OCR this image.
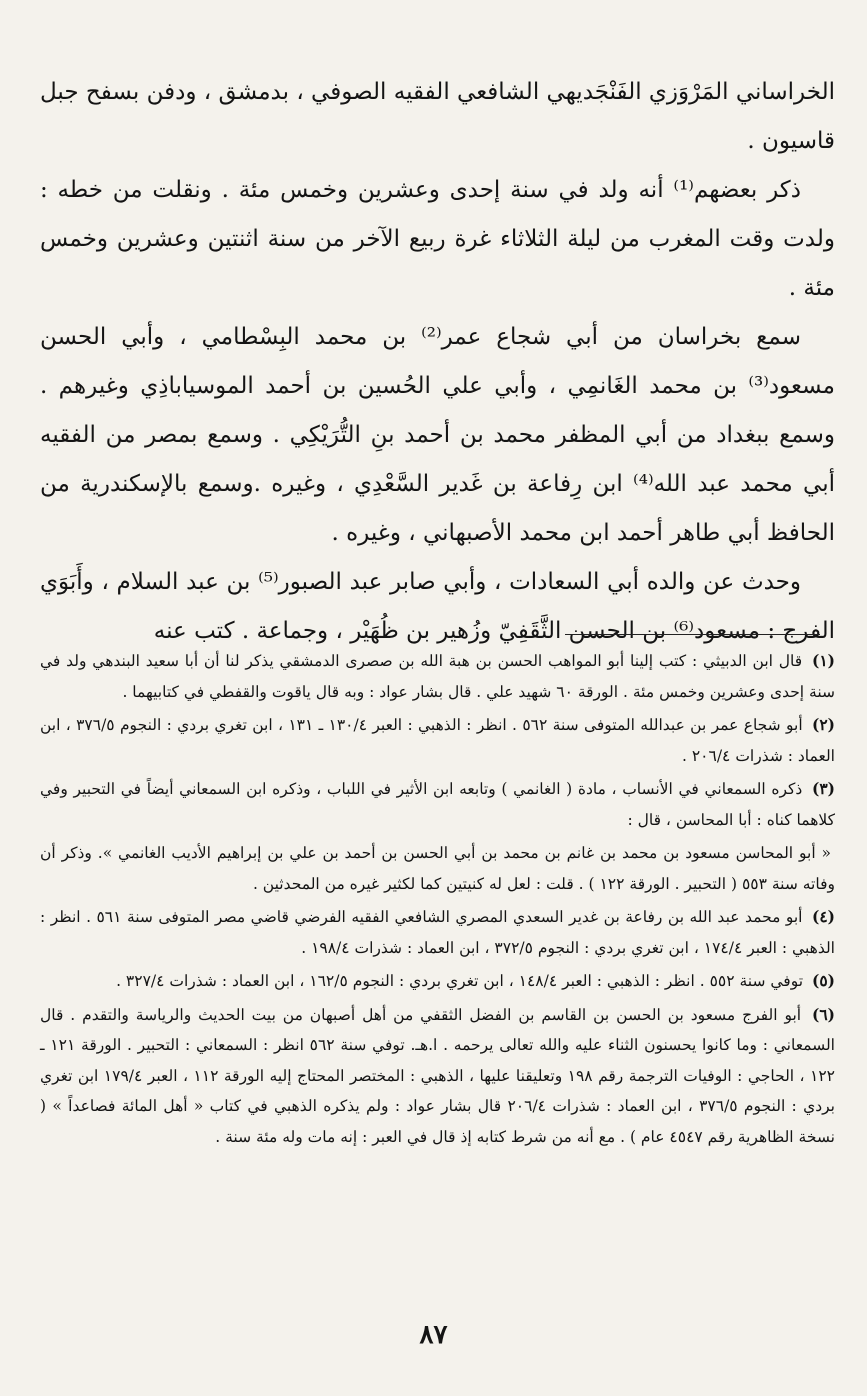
الخراساني المَرْوَزي الفَنْجَديهي الشافعي الفقيه الصوفي ، بدمشق ، ودفن بسفح جبل قاسيون .

ذكر بعضهم⁽¹⁾ أنه ولد في سنة إحدى وعشرين وخمس مئة . ونقلت من خطه : ولدت وقت المغرب من ليلة الثلاثاء غرة ربيع الآخر من سنة اثنتين وعشرين وخمس مئة .

سمع بخراسان من أبي شجاع عمر⁽²⁾ بن محمد البِسْطامي ، وأبي الحسن مسعود⁽³⁾ بن محمد الغَانمِي ، وأبي علي الحُسين بن أحمد الموسياباذِي وغيرهم . وسمع ببغداد من أبي المظفر محمد بن أحمد بنِ التُّرَيْكِي . وسمع بمصر من الفقيه أبي محمد عبد الله⁽⁴⁾ ابن رِفاعة بن غَدير السَّعْدِي ، وغيره .وسمع بالإسكندرية من الحافظ أبي طاهر أحمد ابن محمد الأصبهاني ، وغيره .

وحدث عن والده أبي السعادات ، وأبي صابر عبد الصبور⁽⁵⁾ بن عبد السلام ، وأَبَوَي الفرج : مسعود⁽⁶⁾ بن الحسن الثَّقَفِيّ وزُهير بن ظُهَيْر ، وجماعة . كتب عنه

(١) قال ابن الدبيثي : كتب إلينا أبو المواهب الحسن بن هبة الله بن صصرى الدمشقي يذكر لنا أن أبا سعيد البندهي ولد في سنة إحدى وعشرين وخمس مئة . الورقة ٦٠ شهيد علي . قال بشار عواد : وبه قال ياقوت والقفطي في كتابيهما .
(٢) أبو شجاع عمر بن عبدالله المتوفى سنة ٥٦٢ . انظر : الذهبي : العبر ١٣٠/٤ ـ ١٣١ ، ابن تغري بردي : النجوم ٣٧٦/٥ ، ابن العماد : شذرات ٢٠٦/٤ .
(٣) ذكره السمعاني في الأنساب ، مادة ( الغانمي ) وتابعه ابن الأثير في اللباب ، وذكره ابن السمعاني أيضاً في التحبير وفي كلاهما كناه : أبا المحاسن ، قال :
« أبو المحاسن مسعود بن محمد بن غانم بن محمد بن أبي الحسن بن أحمد بن علي بن إبراهيم الأديب الغانمي ». وذكر أن وفاته سنة ٥٥٣ ( التحبير . الورقة ١٢٢ ) . قلت : لعل له كنيتين كما لكثير غيره من المحدثين .
(٤) أبو محمد عبد الله بن رفاعة بن غدير السعدي المصري الشافعي الفقيه الفرضي قاضي مصر المتوفى سنة ٥٦١ . انظر : الذهبي : العبر ١٧٤/٤ ، ابن تغري بردي : النجوم ٣٧٢/٥ ، ابن العماد : شذرات ١٩٨/٤ .
(٥) توفي سنة ٥٥٢ . انظر : الذهبي : العبر ١٤٨/٤ ، ابن تغري بردي : النجوم ١٦٢/٥ ، ابن العماد : شذرات ٣٢٧/٤ .
(٦) أبو الفرج مسعود بن الحسن بن القاسم بن الفضل الثقفي من أهل أصبهان من بيت الحديث والرياسة والتقدم . قال السمعاني : وما كانوا يحسنون الثناء عليه والله تعالى يرحمه . ا.هـ. توفي سنة ٥٦٢ انظر : السمعاني : التحبير . الورقة ١٢١ ـ ١٢٢ ، الحاجي : الوفيات الترجمة رقم ١٩٨ وتعليقنا عليها ، الذهبي : المختصر المحتاج إليه الورقة ١١٢ ، العبر ١٧٩/٤ ابن تغري بردي : النجوم ٣٧٦/٥ ، ابن العماد : شذرات ٢٠٦/٤ قال بشار عواد : ولم يذكره الذهبي في كتاب « أهل المائة فصاعداً » ( نسخة الظاهرية رقم ٤٥٤٧ عام ) . مع أنه من شرط كتابه إذ قال في العبر : إنه مات وله مئة سنة .
٨٧
